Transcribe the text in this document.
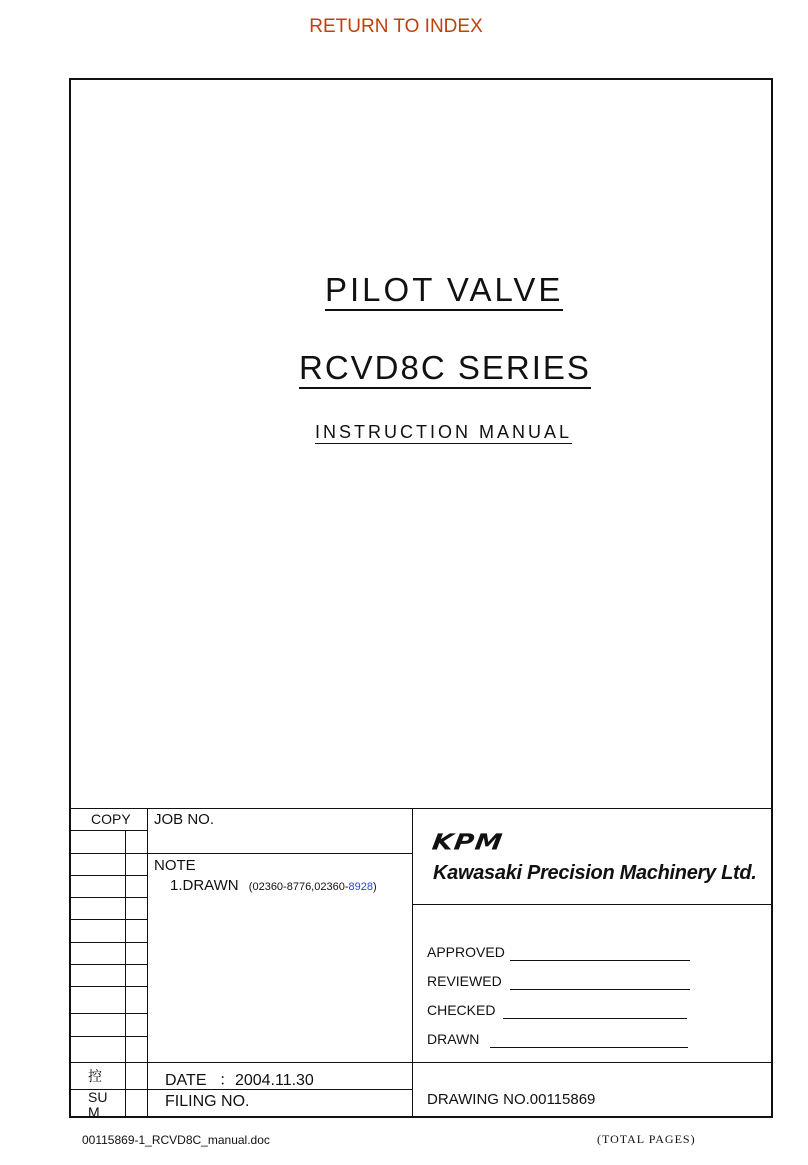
RETURN TO INDEX
PILOT VALVE
RCVD8C SERIES
INSTRUCTION MANUAL
COPY JOB NO.
NOTE
1.DRAWN (02360-8776,02360-8928)
控
SU
M
DATE ：2004.11.30
FILING NO.	DRAWING NO.00115869
APPROVED
REVIEWED
CHECKED
DRAWN
KPM
Kawasaki Precision Machinery Ltd.
00115869-1_RCVD8C_manual.doc	(TOTAL PAGES)
